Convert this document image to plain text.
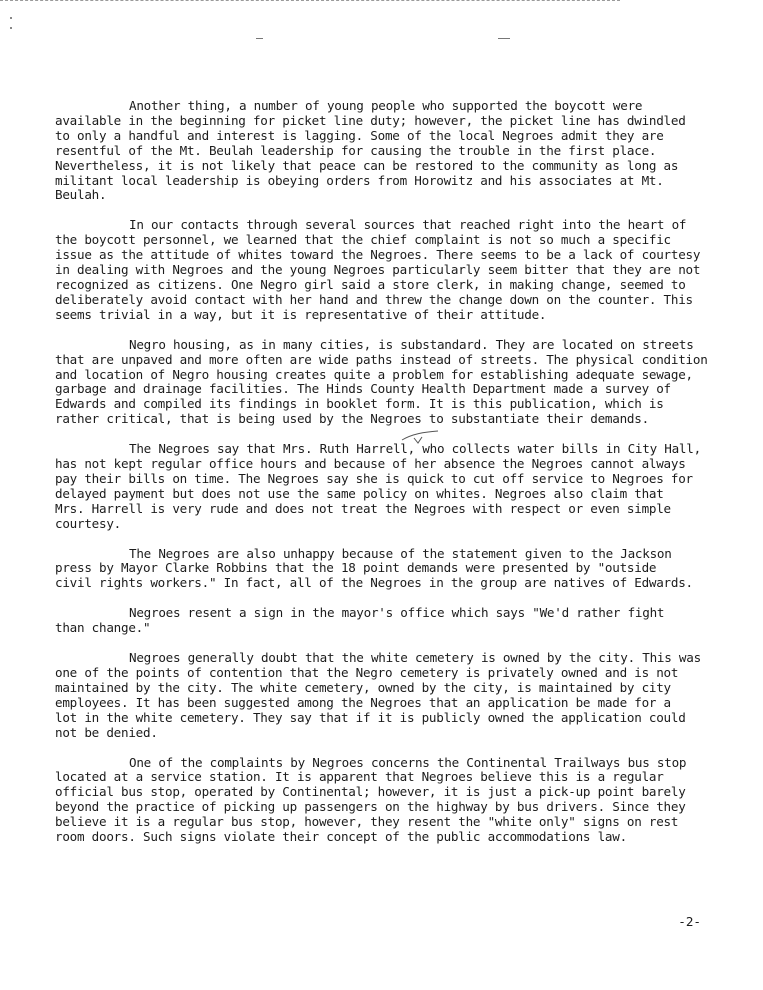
Another thing, a number of young people who supported the boycott were
available in the beginning for picket line duty; however, the picket line has dwindled
to only a handful and interest is lagging. Some of the local Negroes admit they are
resentful of the Mt. Beulah leadership for causing the trouble in the first place.
Nevertheless, it is not likely that peace can be restored to the community as long as
militant local leadership is obeying orders from Horowitz and his associates at Mt.
Beulah.

In our contacts through several sources that reached right into the heart of
the boycott personnel, we learned that the chief complaint is not so much a specific
issue as the attitude of whites toward the Negroes. There seems to be a lack of courtesy
in dealing with Negroes and the young Negroes particularly seem bitter that they are not
recognized as citizens. One Negro girl said a store clerk, in making change, seemed to
deliberately avoid contact with her hand and threw the change down on the counter. This
seems trivial in a way, but it is representative of their attitude.

Negro housing, as in many cities, is substandard. They are located on streets
that are unpaved and more often are wide paths instead of streets. The physical condition
and location of Negro housing creates quite a problem for establishing adequate sewage,
garbage and drainage facilities. The Hinds County Health Department made a survey of
Edwards and compiled its findings in booklet form. It is this publication, which is
rather critical, that is being used by the Negroes to substantiate their demands.

The Negroes say that Mrs. Ruth Harrell, who collects water bills in City Hall,
has not kept regular office hours and because of her absence the Negroes cannot always
pay their bills on time. The Negroes say she is quick to cut off service to Negroes for
delayed payment but does not use the same policy on whites. Negroes also claim that
Mrs. Harrell is very rude and does not treat the Negroes with respect or even simple
courtesy.

The Negroes are also unhappy because of the statement given to the Jackson
press by Mayor Clarke Robbins that the 18 point demands were presented by "outside
civil rights workers." In fact, all of the Negroes in the group are natives of Edwards.

Negroes resent a sign in the mayor's office which says "We'd rather fight
than change."

Negroes generally doubt that the white cemetery is owned by the city. This was
one of the points of contention that the Negro cemetery is privately owned and is not
maintained by the city. The white cemetery, owned by the city, is maintained by city
employees. It has been suggested among the Negroes that an application be made for a
lot in the white cemetery. They say that if it is publicly owned the application could
not be denied.

One of the complaints by Negroes concerns the Continental Trailways bus stop
located at a service station. It is apparent that Negroes believe this is a regular
official bus stop, operated by Continental; however, it is just a pick-up point barely
beyond the practice of picking up passengers on the highway by bus drivers. Since they
believe it is a regular bus stop, however, they resent the "white only" signs on rest
room doors. Such signs violate their concept of the public accommodations law.

-2-
